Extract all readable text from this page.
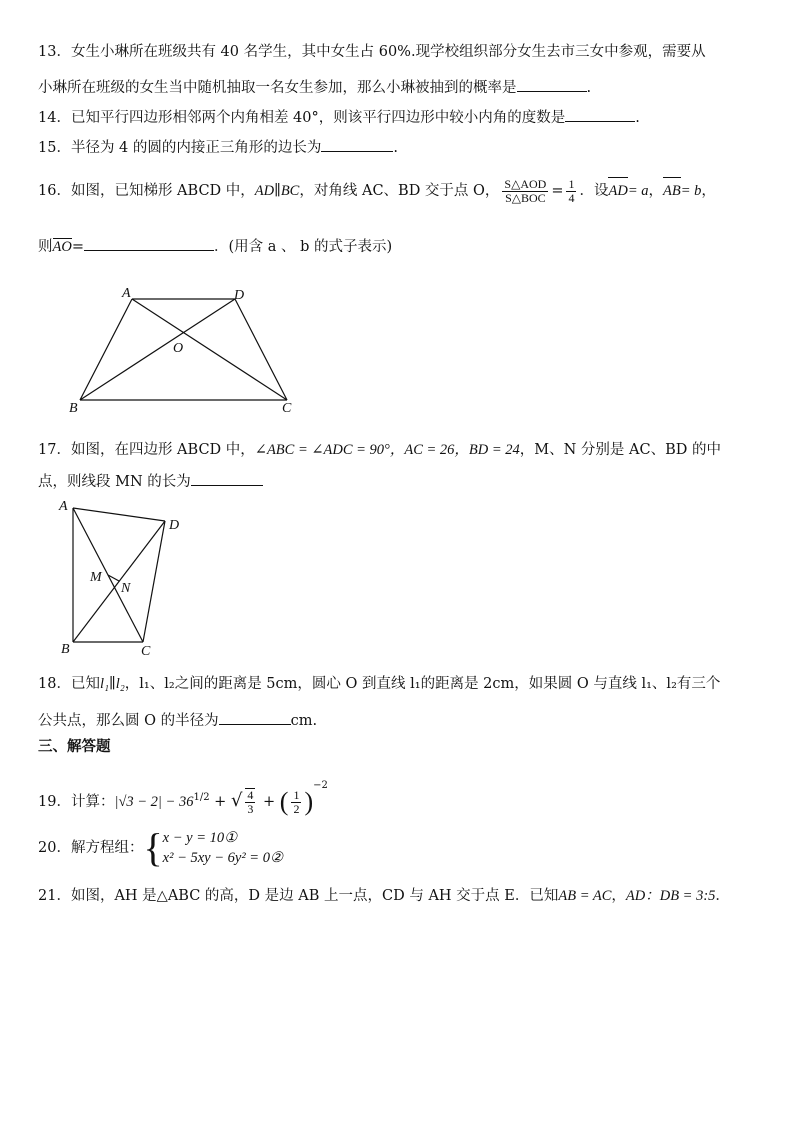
13．女生小琳所在班级共有 40 名学生，其中女生占 60%.现学校组织部分女生去市三女中参观，需要从
小琳所在班级的女生当中随机抽取一名女生参加，那么小琳被抽到的概率是	.
14．已知平行四边形相邻两个内角相差 40°，则该平行四边形中较小内角的度数是	.
15．半径为 4 的圆的内接正三角形的边长为	.
16．如图，已知梯形 ABCD 中，AD∥BC，对角线 AC、BD 交于点 O， $\frac{\text{S△AOD}}{\text{S△BOC}} = \frac{1}{4}$ ．设AD= a，AB= b，
则AO=	．(用含 a 、 b 的式子表示)
A	D
O
B	C
17．如图，在四边形 ABCD 中，∠ABC = ∠ADC = 90°，AC = 26，BD = 24，M、N 分别是 AC、BD 的中
点，则线段 MN 的长为
A
D
M
N
B	C
18．已知l₁∥l₂，l₁、l₂之间的距离是 5cm，圆心 O 到直线 l₁的距离是 2cm，如果圆 O 与直线 l₁、l₂有三个
公共点，那么圆 O 的半径为	cm.
三、解答题
19．计算：$|√3 - 2| - 36^{1/2}$ + √ $\frac{4}{3}$ + ( $\frac{1}{2} )^{-2}$
20．解方程组：{ x − y = 10①
x² − 5xy − 6y² = 0②
21．如图，AH 是△ABC 的高，D 是边 AB 上一点，CD 与 AH 交于点 E．已知AB = AC，AD：DB = 3:5．
